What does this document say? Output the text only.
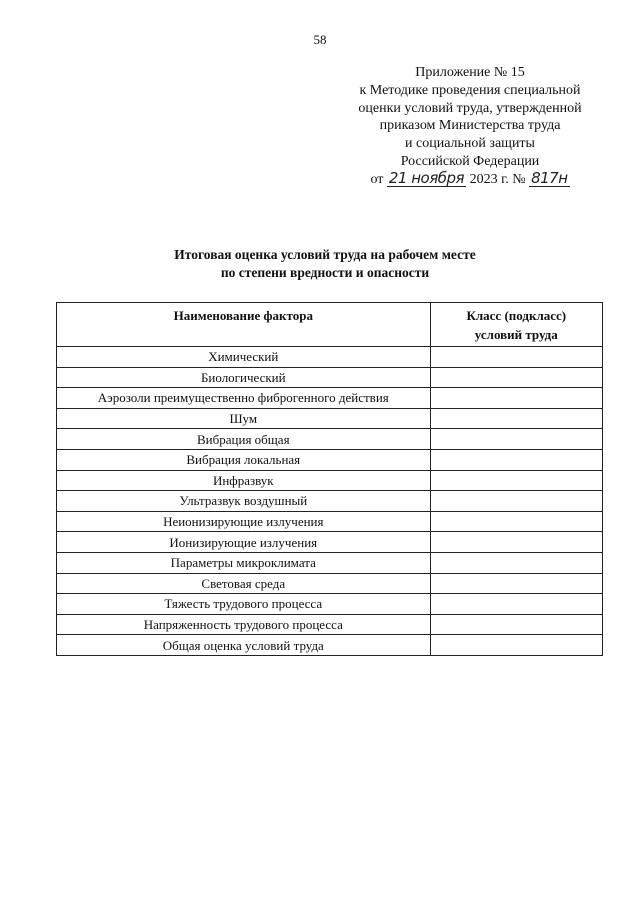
58
Приложение № 15
к Методике проведения специальной
оценки условий труда, утвержденной
приказом Министерства труда
и социальной защиты
Российской Федерации
от 21 ноября 2023 г. № 817н
Итоговая оценка условий труда на рабочем месте
по степени вредности и опасности
Наименование фактора	Класс (подкласс)
условий труда
Химический	
Биологический	
Аэрозоли преимущественно фиброгенного действия	
Шум	
Вибрация общая	
Вибрация локальная	
Инфразвук	
Ультразвук воздушный	
Неионизирующие излучения	
Ионизирующие излучения	
Параметры микроклимата	
Световая среда	
Тяжесть трудового процесса	
Напряженность трудового процесса	
Общая оценка условий труда	
